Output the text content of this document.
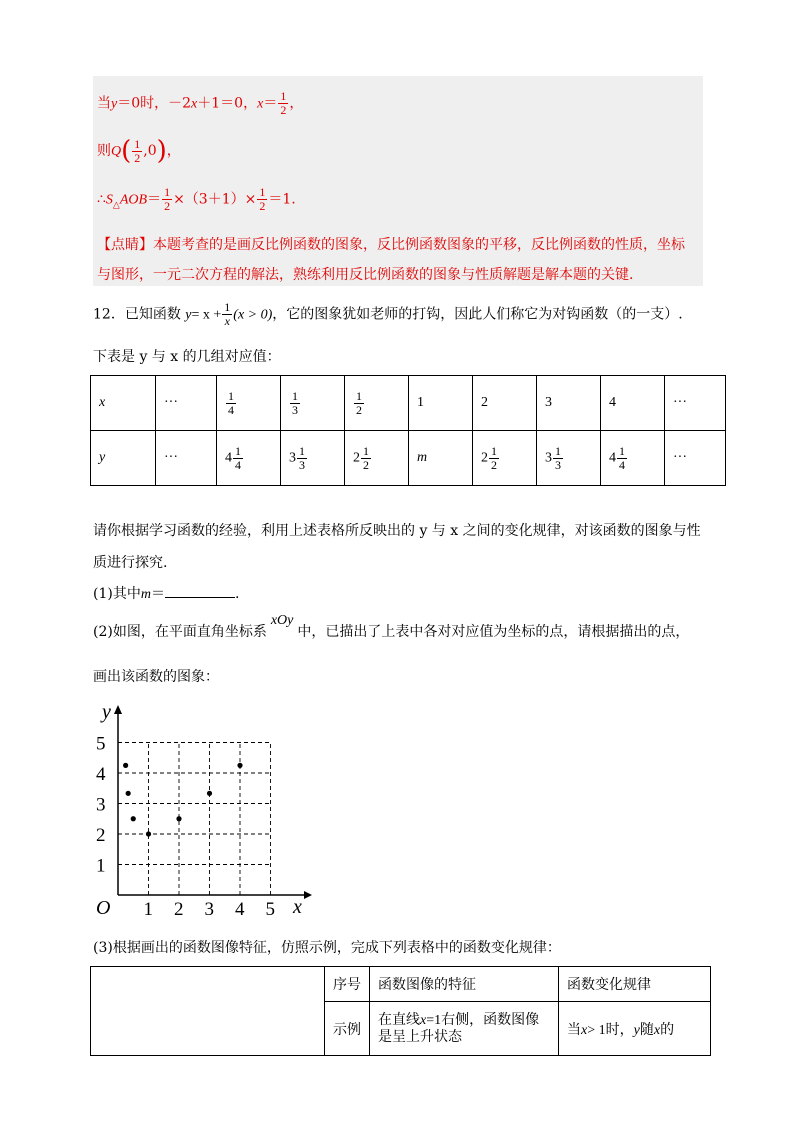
当y＝0时，－2x＋1＝0，$x= \frac{1}{2}$ ，
则$Q( \frac{1}{2} ,0)$，
$\therefore S_\triangle AOB= \frac{1}{2} \times(3+1)\times \frac{1}{2} =1$.
【点睛】本题考查的是画反比例函数的图象，反比例函数图象的平移，反比例函数的性质，坐标
与图形，一元二次方程的解法，熟练利用反比例函数的图象与性质解题是解本题的关键.
12．已知函数 $y= x + \frac{1}{x} (x > 0)$，它的图象犹如老师的打钩，因此人们称它为对钩函数（的一支）.
下表是 y 与 x 的几组对应值：
x	···	$\frac{1}{4}$	$\frac{1}{3}$	$\frac{1}{2}$	1	2	3	4	···
y	···	$4 \frac{1}{4}$	$3 \frac{1}{3}$	$2 \frac{1}{2}$	m	$2 \frac{1}{2}$	$3 \frac{1}{3}$	$4 \frac{1}{4}$	···
请你根据学习函数的经验，利用上述表格所反映出的 y 与 x 之间的变化规律，对该函数的图象与性
质进行探究.
(1)其中m＝	.
(2)如图，在平面直角坐标系xOy中，已描出了上表中各对对应值为坐标的点，请根据描出的点，
画出该函数的图象：
x
y
O 1 2 3 4 5
1
2
3
4
5
(3)根据画出的函数图像特征，仿照示例，完成下列表格中的函数变化规律：
	序号	函数图像的特征	函数变化规律
	示例	在直线x=1右侧，函数图像
是呈上升状态	当x> 1时，y随x的
